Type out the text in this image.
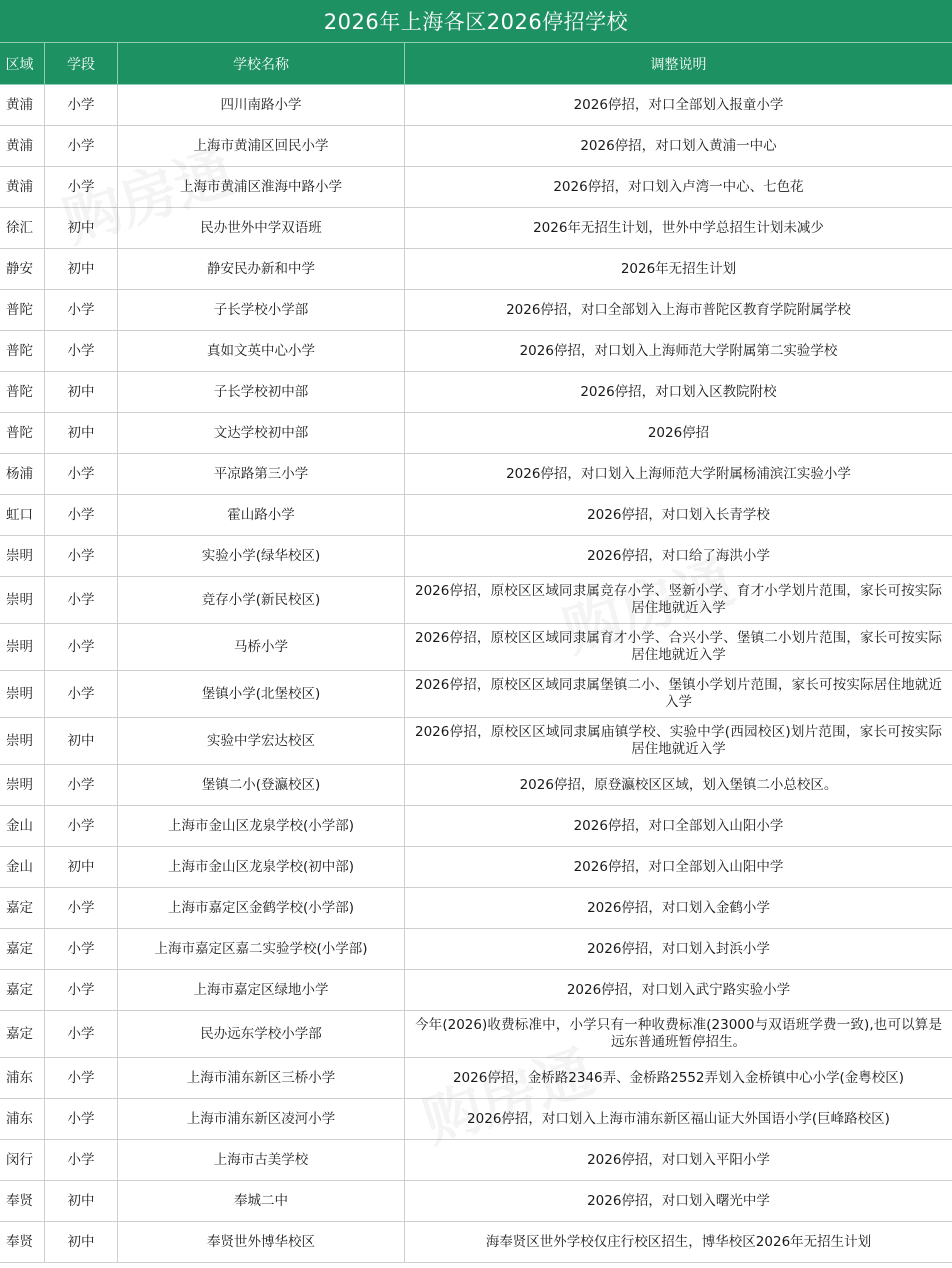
2026年上海各区2026停招学校
区域	学段	学校名称	调整说明
黄浦	小学	四川南路小学	2026停招，对口全部划入报童小学
黄浦	小学	上海市黄浦区回民小学	2026停招，对口划入黄浦一中心
黄浦	小学	上海市黄浦区淮海中路小学	2026停招，对口划入卢湾一中心、七色花
徐汇	初中	民办世外中学双语班	2026年无招生计划，世外中学总招生计划未减少
静安	初中	静安民办新和中学	2026年无招生计划
普陀	小学	子长学校小学部	2026停招，对口全部划入上海市普陀区教育学院附属学校
普陀	小学	真如文英中心小学	2026停招，对口划入上海师范大学附属第二实验学校
普陀	初中	子长学校初中部	2026停招，对口划入区教院附校
普陀	初中	文达学校初中部	2026停招
杨浦	小学	平凉路第三小学	2026停招，对口划入上海师范大学附属杨浦滨江实验小学
虹口	小学	霍山路小学	2026停招，对口划入长青学校
崇明	小学	实验小学(绿华校区)	2026停招，对口给了海洪小学
崇明	小学	竞存小学(新民校区)	2026停招，原校区区域同隶属竞存小学、竖新小学、育才小学划片范围，家长可按实际居住地就近入学
崇明	小学	马桥小学	2026停招，原校区区域同隶属育才小学、合兴小学、堡镇二小划片范围，家长可按实际居住地就近入学
崇明	小学	堡镇小学(北堡校区)	2026停招，原校区区域同隶属堡镇二小、堡镇小学划片范围，家长可按实际居住地就近入学
崇明	初中	实验中学宏达校区	2026停招，原校区区域同隶属庙镇学校、实验中学(西园校区)划片范围，家长可按实际居住地就近入学
崇明	小学	堡镇二小(登瀛校区)	2026停招，原登瀛校区区域，划入堡镇二小总校区。
金山	小学	上海市金山区龙泉学校(小学部)	2026停招，对口全部划入山阳小学
金山	初中	上海市金山区龙泉学校(初中部)	2026停招，对口全部划入山阳中学
嘉定	小学	上海市嘉定区金鹤学校(小学部)	2026停招，对口划入金鹤小学
嘉定	小学	上海市嘉定区嘉二实验学校(小学部)	2026停招，对口划入封浜小学
嘉定	小学	上海市嘉定区绿地小学	2026停招，对口划入武宁路实验小学
嘉定	小学	民办远东学校小学部	今年(2026)收费标准中，小学只有一种收费标准(23000与双语班学费一致),也可以算是远东普通班暂停招生。
浦东	小学	上海市浦东新区三桥小学	2026停招，金桥路2346弄、金桥路2552弄划入金桥镇中心小学(金粤校区)
浦东	小学	上海市浦东新区凌河小学	2026停招，对口划入上海市浦东新区福山证大外国语小学(巨峰路校区)
闵行	小学	上海市古美学校	2026停招，对口划入平阳小学
奉贤	初中	奉城二中	2026停招，对口划入曙光中学
奉贤	初中	奉贤世外博华校区	海奉贤区世外学校仅庄行校区招生，博华校区2026年无招生计划
